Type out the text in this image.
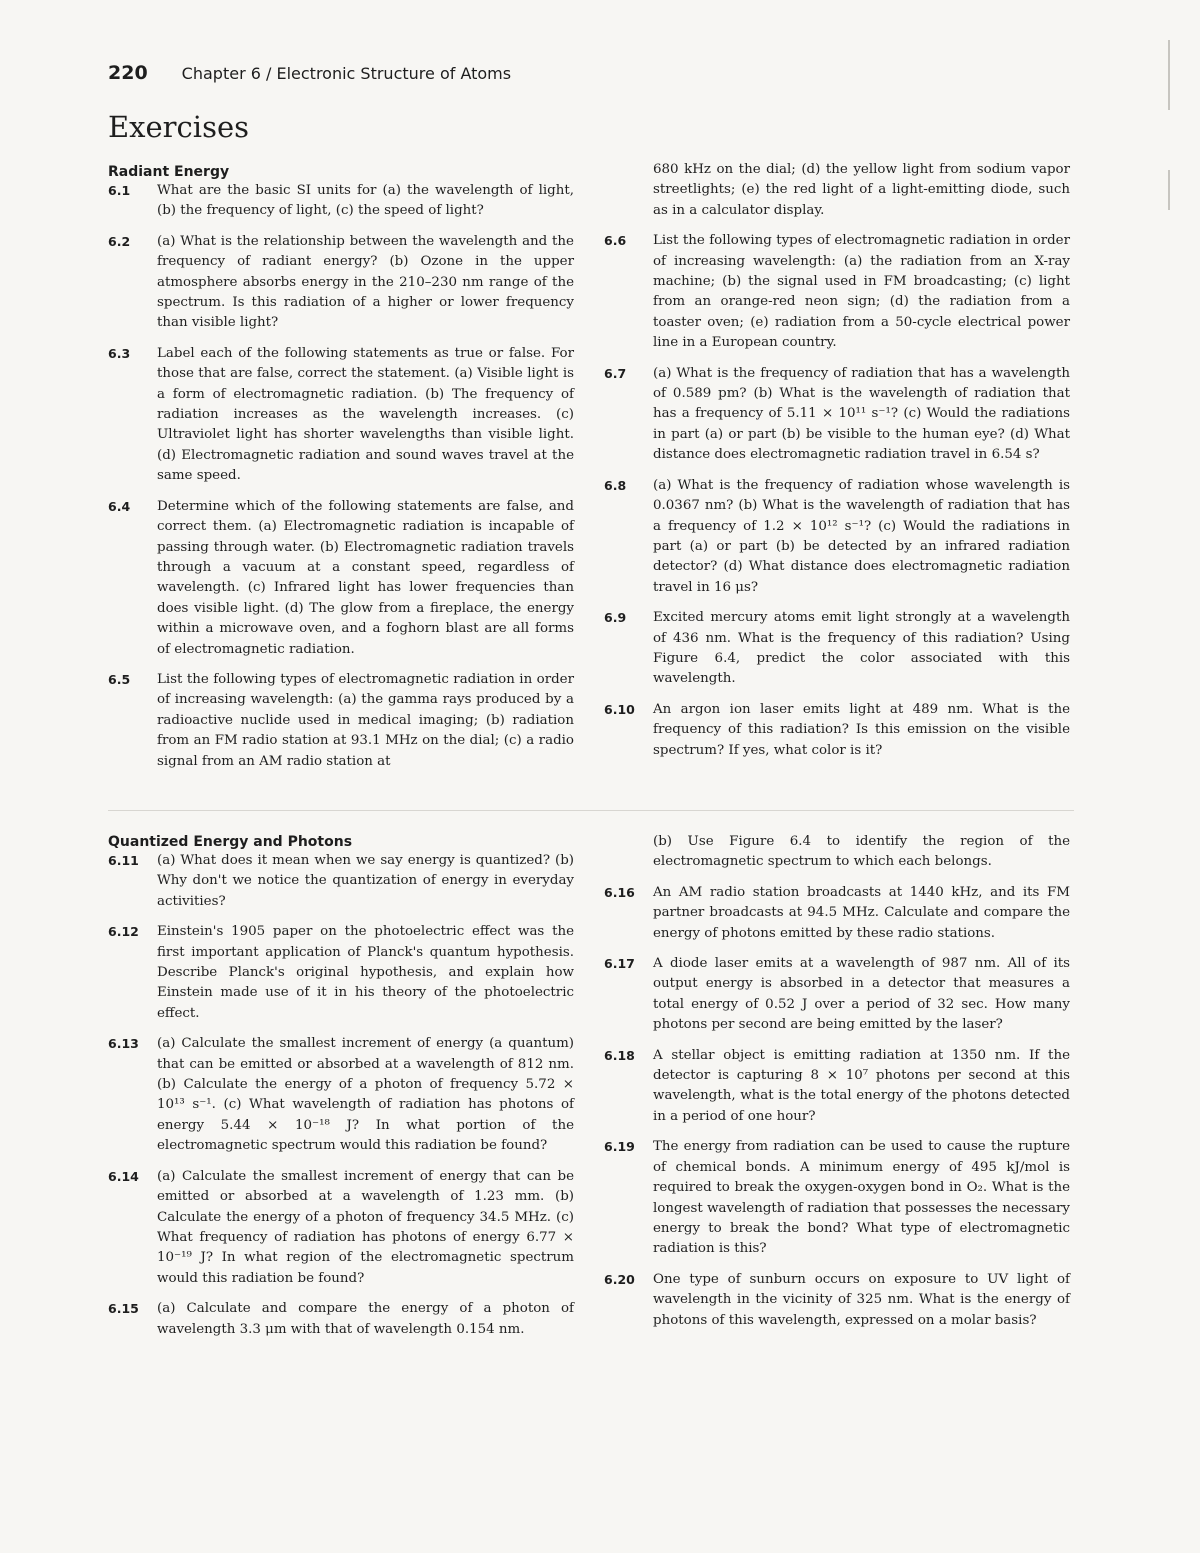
220 Chapter 6 / Electronic Structure of Atoms
Exercises
Radiant Energy
6.1	What are the basic SI units for (a) the wavelength of light, (b) the frequency of light, (c) the speed of light?
6.2	(a) What is the relationship between the wavelength and the frequency of radiant energy? (b) Ozone in the upper atmosphere absorbs energy in the 210–230 nm range of the spectrum. Is this radiation of a higher or lower frequency than visible light?
6.3	Label each of the following statements as true or false. For those that are false, correct the statement. (a) Visible light is a form of electromagnetic radiation. (b) The frequency of radiation increases as the wavelength increases. (c) Ultraviolet light has shorter wavelengths than visible light. (d) Electromagnetic radiation and sound waves travel at the same speed.
6.4	Determine which of the following statements are false, and correct them. (a) Electromagnetic radiation is incapable of passing through water. (b) Electromagnetic radiation travels through a vacuum at a constant speed, regardless of wavelength. (c) Infrared light has lower frequencies than does visible light. (d) The glow from a fireplace, the energy within a microwave oven, and a foghorn blast are all forms of electromagnetic radiation.
6.5	List the following types of electromagnetic radiation in order of increasing wavelength: (a) the gamma rays produced by a radioactive nuclide used in medical imaging; (b) radiation from an FM radio station at 93.1 MHz on the dial; (c) a radio signal from an AM radio station at
680 kHz on the dial; (d) the yellow light from sodium vapor streetlights; (e) the red light of a light-emitting diode, such as in a calculator display.
6.6	List the following types of electromagnetic radiation in order of increasing wavelength: (a) the radiation from an X-ray machine; (b) the signal used in FM broadcasting; (c) light from an orange-red neon sign; (d) the radiation from a toaster oven; (e) radiation from a 50-cycle electrical power line in a European country.
6.7	(a) What is the frequency of radiation that has a wavelength of 0.589 pm? (b) What is the wavelength of radiation that has a frequency of 5.11 × 10¹¹ s⁻¹? (c) Would the radiations in part (a) or part (b) be visible to the human eye? (d) What distance does electromagnetic radiation travel in 6.54 s?
6.8	(a) What is the frequency of radiation whose wavelength is 0.0367 nm? (b) What is the wavelength of radiation that has a frequency of 1.2 × 10¹² s⁻¹? (c) Would the radiations in part (a) or part (b) be detected by an infrared radiation detector? (d) What distance does electromagnetic radiation travel in 16 μs?
6.9	Excited mercury atoms emit light strongly at a wavelength of 436 nm. What is the frequency of this radiation? Using Figure 6.4, predict the color associated with this wavelength.
6.10	An argon ion laser emits light at 489 nm. What is the frequency of this radiation? Is this emission on the visible spectrum? If yes, what color is it?
Quantized Energy and Photons
6.11	(a) What does it mean when we say energy is quantized? (b) Why don't we notice the quantization of energy in everyday activities?
6.12	Einstein's 1905 paper on the photoelectric effect was the first important application of Planck's quantum hypothesis. Describe Planck's original hypothesis, and explain how Einstein made use of it in his theory of the photoelectric effect.
6.13	(a) Calculate the smallest increment of energy (a quantum) that can be emitted or absorbed at a wavelength of 812 nm. (b) Calculate the energy of a photon of frequency 5.72 × 10¹³ s⁻¹. (c) What wavelength of radiation has photons of energy 5.44 × 10⁻¹⁸ J? In what portion of the electromagnetic spectrum would this radiation be found?
6.14	(a) Calculate the smallest increment of energy that can be emitted or absorbed at a wavelength of 1.23 mm. (b) Calculate the energy of a photon of frequency 34.5 MHz. (c) What frequency of radiation has photons of energy 6.77 × 10⁻¹⁹ J? In what region of the electromagnetic spectrum would this radiation be found?
6.15	(a) Calculate and compare the energy of a photon of wavelength 3.3 μm with that of wavelength 0.154 nm.
(b) Use Figure 6.4 to identify the region of the electromagnetic spectrum to which each belongs.
6.16	An AM radio station broadcasts at 1440 kHz, and its FM partner broadcasts at 94.5 MHz. Calculate and compare the energy of photons emitted by these radio stations.
6.17	A diode laser emits at a wavelength of 987 nm. All of its output energy is absorbed in a detector that measures a total energy of 0.52 J over a period of 32 sec. How many photons per second are being emitted by the laser?
6.18	A stellar object is emitting radiation at 1350 nm. If the detector is capturing 8 × 10⁷ photons per second at this wavelength, what is the total energy of the photons detected in a period of one hour?
6.19	The energy from radiation can be used to cause the rupture of chemical bonds. A minimum energy of 495 kJ/mol is required to break the oxygen-oxygen bond in O₂. What is the longest wavelength of radiation that possesses the necessary energy to break the bond? What type of electromagnetic radiation is this?
6.20	One type of sunburn occurs on exposure to UV light of wavelength in the vicinity of 325 nm. What is the energy of photons of this wavelength, expressed on a molar basis?
